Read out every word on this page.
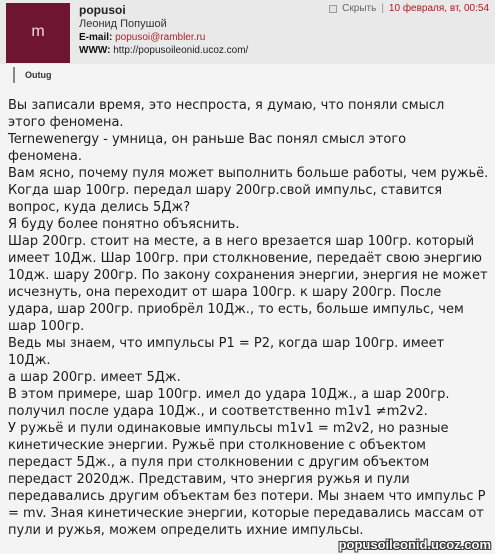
m
popusoi
Леонид Попушой
E-mail: popusoi@rambler.ru
WWW: http://popusoileonid.ucoz.com/
Скрыть | 10 февраля, вт, 00:54
Outug

Вы записали время, это неспроста, я думаю, что поняли смысл

этого феномена.

Ternewenergy - умница, он раньше Вас понял смысл этого

феномена.

Вам ясно, почему пуля может выполнить больше работы, чем ружьё.

Когда шар 100гр. передал шару 200гр.свой импульс, ставится

вопрос, куда делись 5Дж?

Я буду более понятно объяснить.

Шар 200гр. стоит на месте, а в него врезается шар 100гр. который

имеет 10Дж. Шар 100гр. при столкновение, передаёт свою энергию

10дж. шару 200гр. По закону сохранения энергии, энергия не может

исчезнуть, она переходит от шара 100гр. к шару 200гр. После

удара, шар 200гр. приобрёл 10Дж., то есть, больше импульс, чем

шар 100гр.

Ведь мы знаем, что импульсы Р1 = Р2, когда шар 100гр. имеет 10Дж.

а шар 200гр. имеет 5Дж.

В этом примере, шар 100гр. имел до удара 10Дж., а шар 200гр.

получил после удара 10Дж., и соответственно m1v1 ≠m2v2.

У ружьё и пули одинаковые импульсы m1v1 = m2v2, но разные

кинетические энергии. Ружьё при столкновение с объектом

передаст 5Дж., а пуля при столкновении с другим объектом

передаст 2020дж. Представим, что энергия ружья и пули

передавались другим объектам без потери. Мы знаем что импульс Р

= mv. Зная кинетические энергии, которые передавались массам от

пули и ружья, можем определить ихние импульсы.

popusoileonid.ucoz.com
